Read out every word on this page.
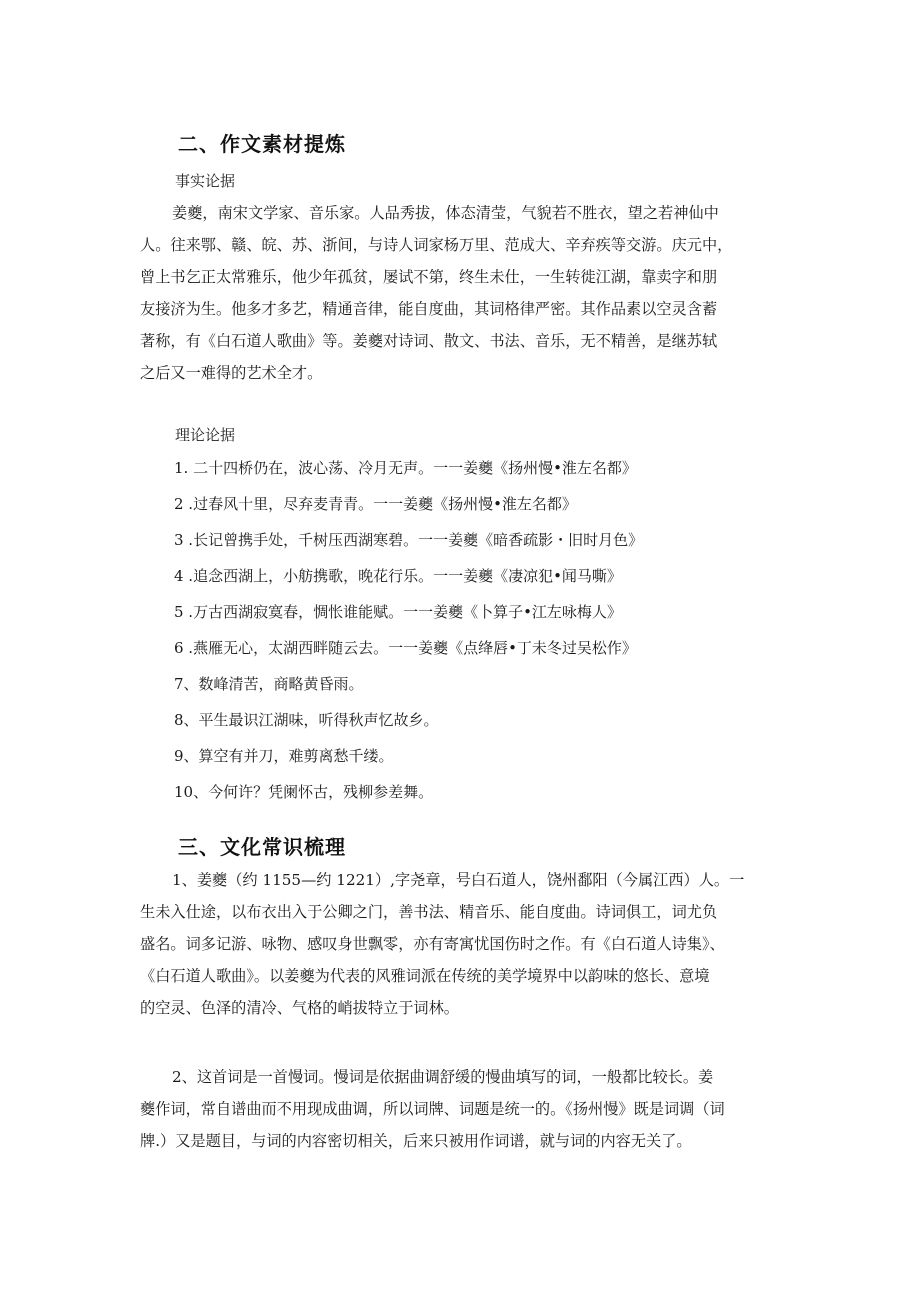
二、作文素材提炼
事实论据
姜夔，南宋文学家、音乐家。人品秀拔，体态清莹，气貌若不胜衣，望之若神仙中
人。往来鄂、赣、皖、苏、浙间，与诗人词家杨万里、范成大、辛弃疾等交游。庆元中，
曾上书乞正太常雅乐，他少年孤贫，屡试不第，终生未仕，一生转徙江湖，靠卖字和朋
友接济为生。他多才多艺，精通音律，能自度曲，其词格律严密。其作品素以空灵含蓄
著称，有《白石道人歌曲》等。姜夔对诗词、散文、书法、音乐，无不精善，是继苏轼
之后又一难得的艺术全才。
理论论据
1. 二十四桥仍在，波心荡、冷月无声。一一姜夔《扬州慢•淮左名都》
2 .过春风十里，尽弃麦青青。一一姜夔《扬州慢•淮左名都》
3 .长记曾携手处，千树压西湖寒碧。一一姜夔《暗香疏影・旧时月色》
4 .追念西湖上，小舫携歌，晚花行乐。一一姜夔《凄凉犯•闻马嘶》
5 .万古西湖寂寞春，惆怅谁能赋。一一姜夔《卜算子•江左咏梅人》
6 .燕雁无心，太湖西畔随云去。一一姜夔《点绛唇•丁未冬过吴松作》
7、数峰清苦，商略黄昏雨。
8、平生最识江湖味，听得秋声忆故乡。
9、算空有并刀，难剪离愁千缕。
10、今何许？凭阑怀古，残柳参差舞。
三、文化常识梳理
1、姜夔（约 1155—约 1221）,字尧章，号白石道人，饶州鄱阳（今属江西）人。一
生未入仕途，以布衣出入于公卿之门，善书法、精音乐、能自度曲。诗词俱工，词尤负
盛名。词多记游、咏物、感叹身世飘零，亦有寄寓忧国伤时之作。有《白石道人诗集》、
《白石道人歌曲》。以姜夔为代表的风雅词派在传统的美学境界中以韵味的悠长、意境
的空灵、色泽的清冷、气格的峭拔特立于词林。
2、这首词是一首慢词。慢词是依据曲调舒缓的慢曲填写的词，一般都比较长。姜
夔作词，常自谱曲而不用现成曲调，所以词牌、词题是统一的。《扬州慢》既是词调（词
牌.）又是题目，与词的内容密切相关，后来只被用作词谱，就与词的内容无关了。
